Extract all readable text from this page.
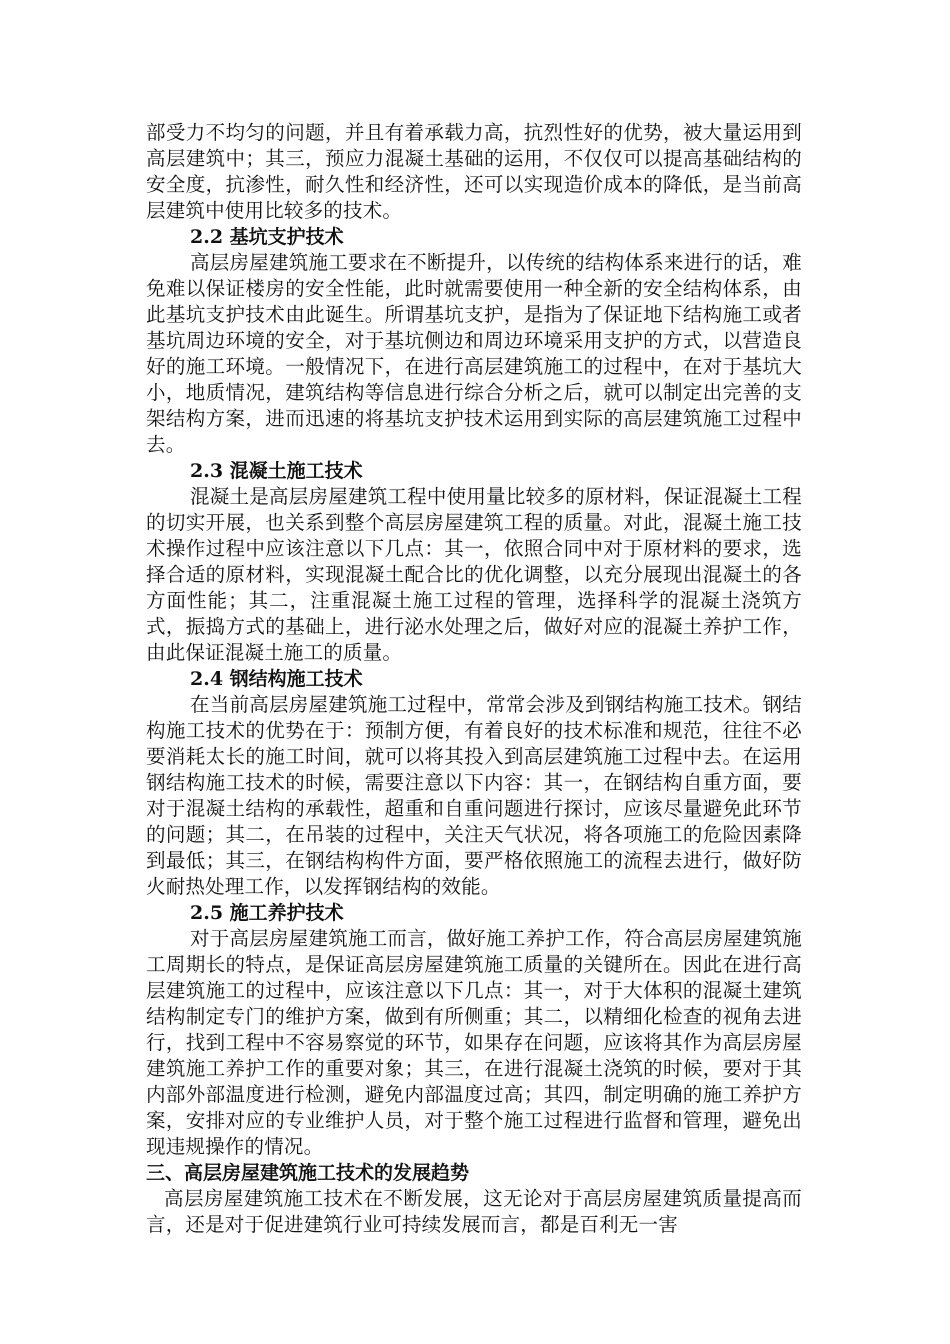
部受力不均匀的问题，并且有着承载力高，抗烈性好的优势，被大量运用到高层建筑中；其三，预应力混凝土基础的运用，不仅仅可以提高基础结构的安全度，抗渗性，耐久性和经济性，还可以实现造价成本的降低，是当前高层建筑中使用比较多的技术。

2.2 基坑支护技术

高层房屋建筑施工要求在不断提升，以传统的结构体系来进行的话，难免难以保证楼房的安全性能，此时就需要使用一种全新的安全结构体系，由此基坑支护技术由此诞生。所谓基坑支护，是指为了保证地下结构施工或者基坑周边环境的安全，对于基坑侧边和周边环境采用支护的方式，以营造良好的施工环境。一般情况下，在进行高层建筑施工的过程中，在对于基坑大小，地质情况，建筑结构等信息进行综合分析之后，就可以制定出完善的支架结构方案，进而迅速的将基坑支护技术运用到实际的高层建筑施工过程中去。

2.3 混凝土施工技术

混凝土是高层房屋建筑工程中使用量比较多的原材料，保证混凝土工程的切实开展，也关系到整个高层房屋建筑工程的质量。对此，混凝土施工技术操作过程中应该注意以下几点：其一，依照合同中对于原材料的要求，选择合适的原材料，实现混凝土配合比的优化调整，以充分展现出混凝土的各方面性能；其二，注重混凝土施工过程的管理，选择科学的混凝土浇筑方式，振捣方式的基础上，进行泌水处理之后，做好对应的混凝土养护工作，由此保证混凝土施工的质量。

2.4 钢结构施工技术

在当前高层房屋建筑施工过程中，常常会涉及到钢结构施工技术。钢结构施工技术的优势在于：预制方便，有着良好的技术标准和规范，往往不必要消耗太长的施工时间，就可以将其投入到高层建筑施工过程中去。在运用钢结构施工技术的时候，需要注意以下内容：其一，在钢结构自重方面，要对于混凝土结构的承载性，超重和自重问题进行探讨，应该尽量避免此环节的问题；其二，在吊装的过程中，关注天气状况，将各项施工的危险因素降到最低；其三，在钢结构构件方面，要严格依照施工的流程去进行，做好防火耐热处理工作，以发挥钢结构的效能。

2.5 施工养护技术

对于高层房屋建筑施工而言，做好施工养护工作，符合高层房屋建筑施工周期长的特点，是保证高层房屋建筑施工质量的关键所在。因此在进行高层建筑施工的过程中，应该注意以下几点：其一，对于大体积的混凝土建筑结构制定专门的维护方案，做到有所侧重；其二，以精细化检查的视角去进行，找到工程中不容易察觉的环节，如果存在问题，应该将其作为高层房屋建筑施工养护工作的重要对象；其三，在进行混凝土浇筑的时候，要对于其内部外部温度进行检测，避免内部温度过高；其四，制定明确的施工养护方案，安排对应的专业维护人员，对于整个施工过程进行监督和管理，避免出现违规操作的情况。

三、高层房屋建筑施工技术的发展趋势

高层房屋建筑施工技术在不断发展，这无论对于高层房屋建筑质量提高而言，还是对于促进建筑行业可持续发展而言，都是百利无一害
